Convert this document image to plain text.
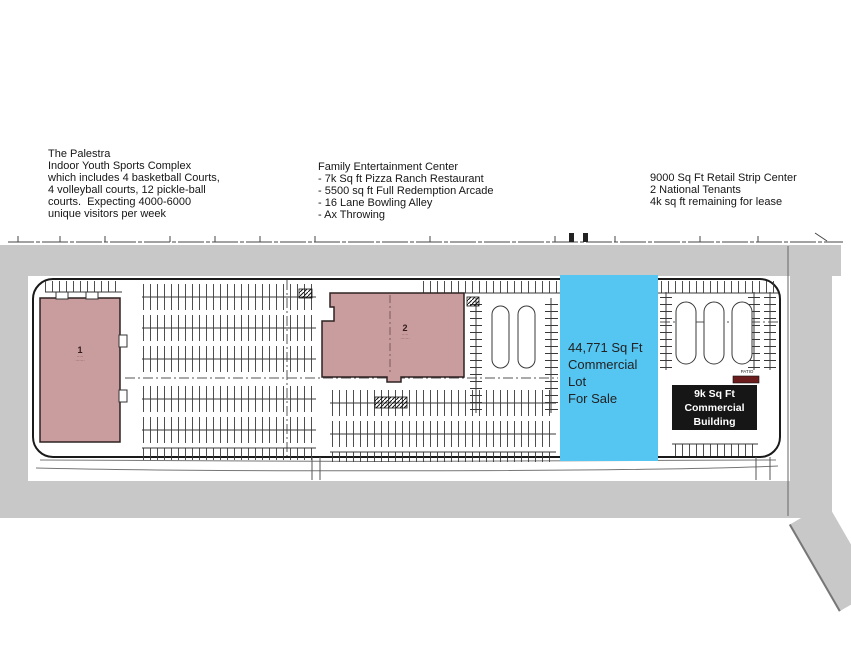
The Palestra
Indoor Youth Sports Complex
which includes 4 basketball Courts,
4 volleyball courts, 12 pickle-ball
courts.  Expecting 4000-6000
unique visitors per week
Family Entertainment Center
- 7k Sq ft Pizza Ranch Restaurant
- 5500 sq ft Full Redemption Arcade
- 16 Lane Bowling Alley
- Ax Throwing
9000 Sq Ft Retail Strip Center
2 National Tenants
4k sq ft remaining for lease
44,771 Sq Ft
Commercial Lot
For Sale	9k Sq Ft
Commercial
Building
PATIO
1
·····
·······
2
·····
·······
